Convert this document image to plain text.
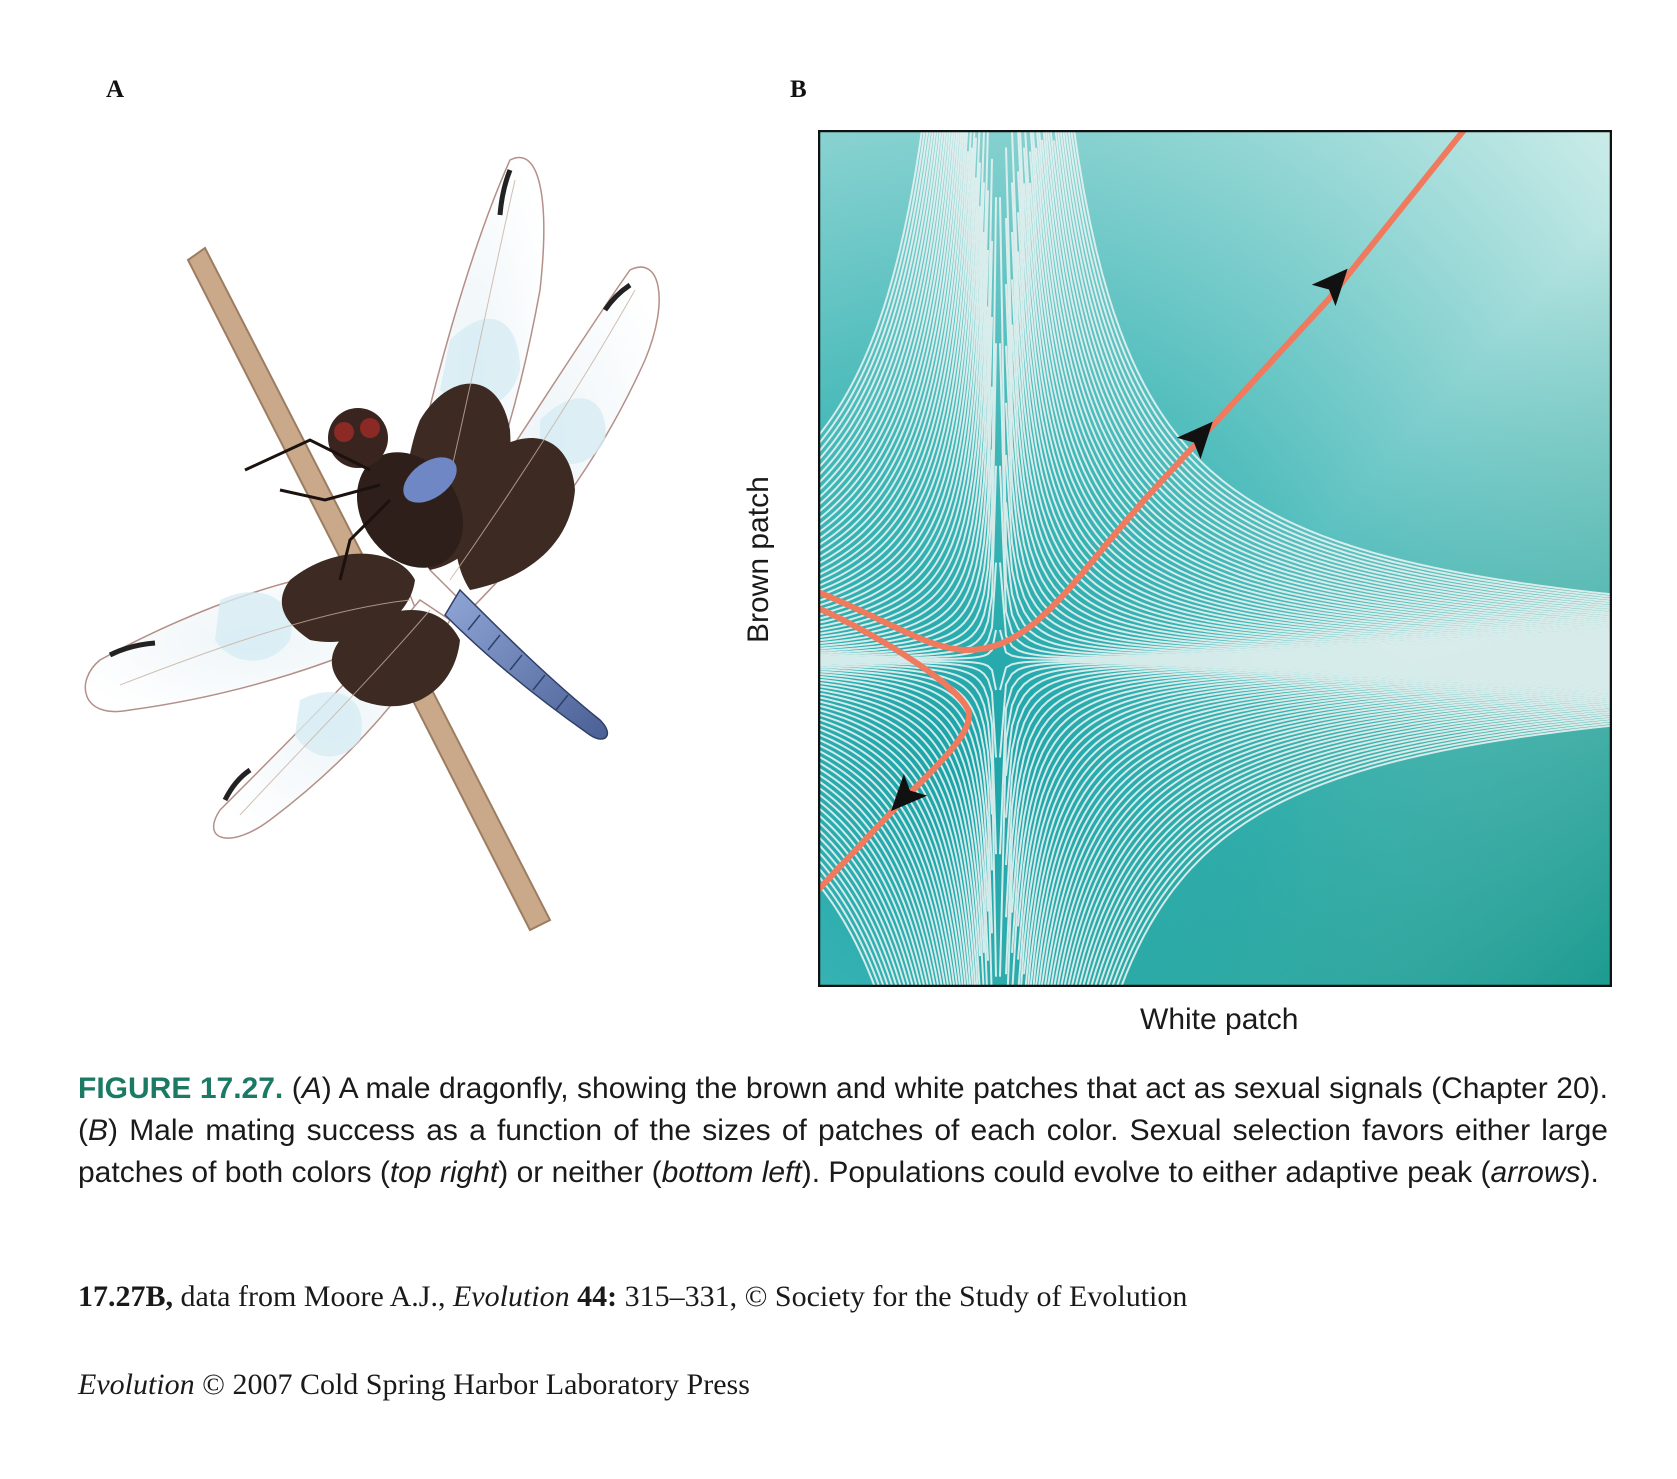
A	B
Brown patch
White patch
FIGURE 17.27. (A) A male dragonfly, showing the brown and white patches that act as sexual signals (Chapter 20). (B) Male mating success as a function of the sizes of patches of each color. Sexual selection favors either large patches of both colors (top right) or neither (bottom left). Populations could evolve to either adaptive peak (arrows).
17.27B, data from Moore A.J., Evolution 44: 315–331, © Society for the Study of Evolution
Evolution © 2007 Cold Spring Harbor Laboratory Press
